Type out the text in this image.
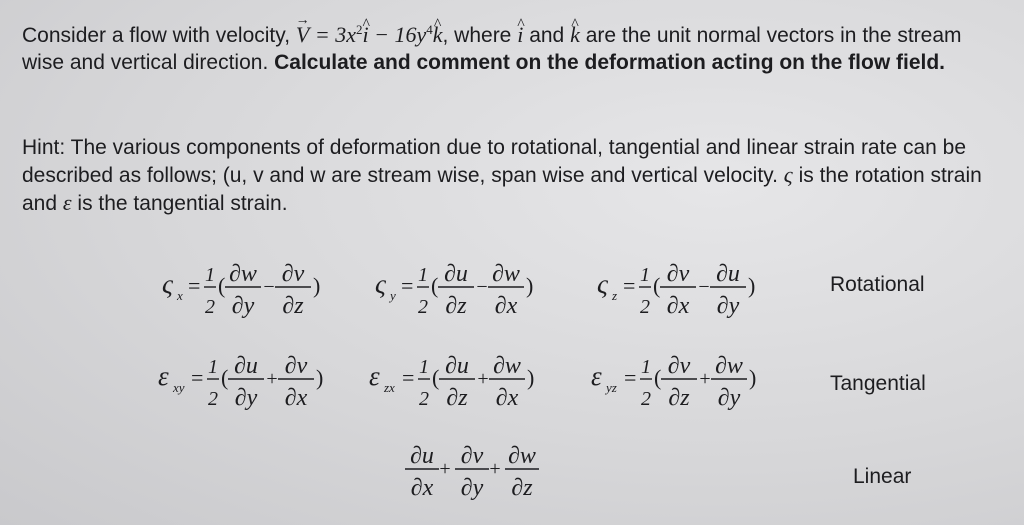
Consider a flow with velocity, → $V = 3x^2\^{}$ $i - 16y^4\^{}$ k, where ^ i and ^ k are the unit normal vectors in the stream wise and vertical direction. Calculate and comment on the deformation acting on the flow field.

Hint: The various components of deformation due to rotational, tangential and linear strain rate can be described as follows; (u, v and w are stream wise, span wise and vertical velocity. ς is the rotation strain and ε is the tangential strain.

ς x = 1
2
( ∂w
∂y
− ∂v
∂z
) ς y = 1
2
( ∂u
∂z
− ∂w
∂x
) ς z = 1
2
( ∂v
∂x
− ∂u
∂y
)
ε xy = 1
2
( ∂u
∂y
+ ∂v
∂x
) ε zx = 1
2
( ∂u
∂z
+ ∂w
∂x
) ε yz = 1
2
( ∂v
∂z
+ ∂w
∂y
)
∂u
∂x
+ ∂v
∂y
+ ∂w
∂z
Rotational
Tangential
Linear
